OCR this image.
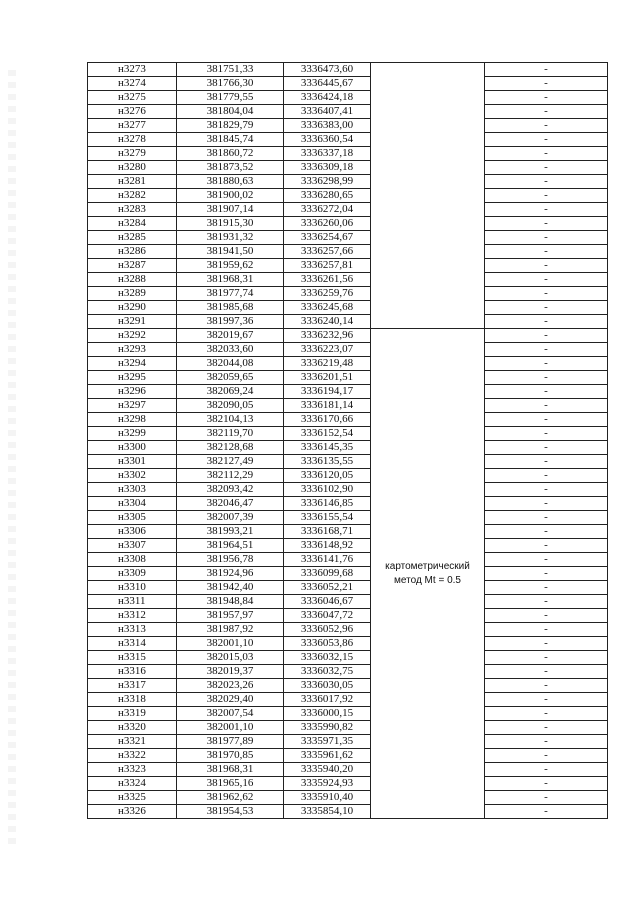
н3273	381751,33	3336473,60		-
н3274	381766,30	3336445,67		-
н3275	381779,55	3336424,18		-
н3276	381804,04	3336407,41		-
н3277	381829,79	3336383,00		-
н3278	381845,74	3336360,54		-
н3279	381860,72	3336337,18		-
н3280	381873,52	3336309,18		-
н3281	381880,63	3336298,99		-
н3282	381900,02	3336280,65		-
н3283	381907,14	3336272,04		-
н3284	381915,30	3336260,06		-
н3285	381931,32	3336254,67		-
н3286	381941,50	3336257,66		-
н3287	381959,62	3336257,81		-
н3288	381968,31	3336261,56		-
н3289	381977,74	3336259,76		-
н3290	381985,68	3336245,68		-
н3291	381997,36	3336240,14		-
н3292	382019,67	3336232,96	картометрический метод Mt = 0.5	-
н3293	382033,60	3336223,07		-
н3294	382044,08	3336219,48		-
н3295	382059,65	3336201,51		-
н3296	382069,24	3336194,17		-
н3297	382090,05	3336181,14		-
н3298	382104,13	3336170,66		-
н3299	382119,70	3336152,54		-
н3300	382128,68	3336145,35		-
н3301	382127,49	3336135,55		-
н3302	382112,29	3336120,05		-
н3303	382093,42	3336102,90		-
н3304	382046,47	3336146,85		-
н3305	382007,39	3336155,54		-
н3306	381993,21	3336168,71		-
н3307	381964,51	3336148,92		-
н3308	381956,78	3336141,76		-
н3309	381924,96	3336099,68		-
н3310	381942,40	3336052,21		-
н3311	381948,84	3336046,67		-
н3312	381957,97	3336047,72		-
н3313	381987,92	3336052,96		-
н3314	382001,10	3336053,86		-
н3315	382015,03	3336032,15		-
н3316	382019,37	3336032,75		-
н3317	382023,26	3336030,05		-
н3318	382029,40	3336017,92		-
н3319	382007,54	3336000,15		-
н3320	382001,10	3335990,82		-
н3321	381977,89	3335971,35		-
н3322	381970,85	3335961,62		-
н3323	381968,31	3335940,20		-
н3324	381965,16	3335924,93		-
н3325	381962,62	3335910,40		-
н3326	381954,53	3335854,10		-
